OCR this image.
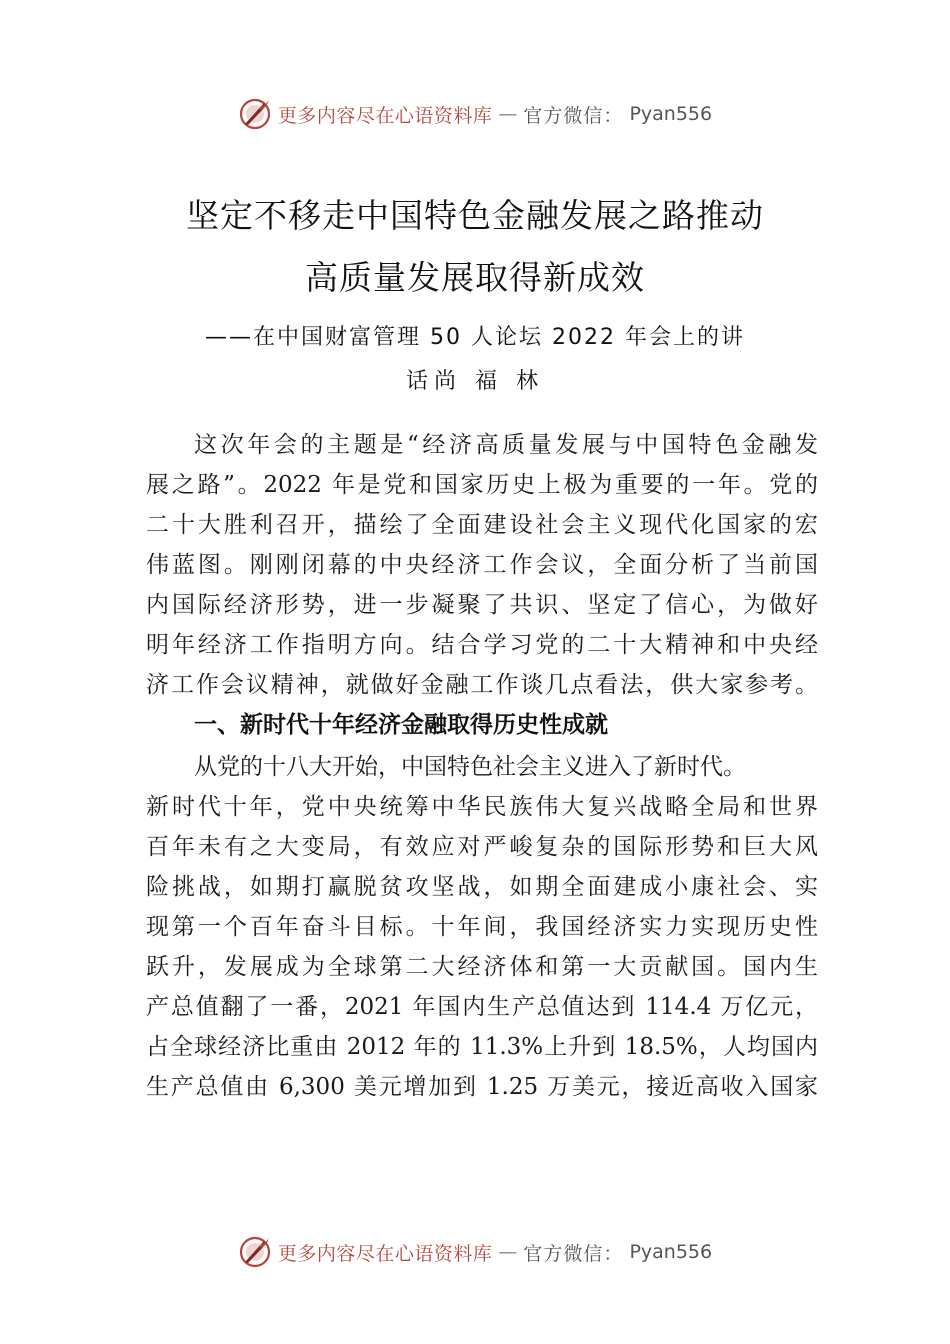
更多内容尽在心语资料库 — 官方微信： Pyan556
坚定不移走中国特色金融发展之路推动
高质量发展取得新成效
——在中国财富管理 50 人论坛 2022 年会上的讲
话尚 福 林
这次年会的主题是“经济高质量发展与中国特色金融发
展之路”。2022 年是党和国家历史上极为重要的一年。党的
二十大胜利召开，描绘了全面建设社会主义现代化国家的宏
伟蓝图。刚刚闭幕的中央经济工作会议，全面分析了当前国
内国际经济形势，进一步凝聚了共识、坚定了信心，为做好
明年经济工作指明方向。结合学习党的二十大精神和中央经
济工作会议精神，就做好金融工作谈几点看法，供大家参考。
一、新时代十年经济金融取得历史性成就
从党的十八大开始，中国特色社会主义进入了新时代。
新时代十年，党中央统筹中华民族伟大复兴战略全局和世界
百年未有之大变局，有效应对严峻复杂的国际形势和巨大风
险挑战，如期打赢脱贫攻坚战，如期全面建成小康社会、实
现第一个百年奋斗目标。十年间，我国经济实力实现历史性
跃升，发展成为全球第二大经济体和第一大贡献国。国内生
产总值翻了一番，2021 年国内生产总值达到 114.4 万亿元，
占全球经济比重由 2012 年的 11.3%上升到 18.5%，人均国内
生产总值由 6,300 美元增加到 1.25 万美元，接近高收入国家
更多内容尽在心语资料库 — 官方微信： Pyan556
